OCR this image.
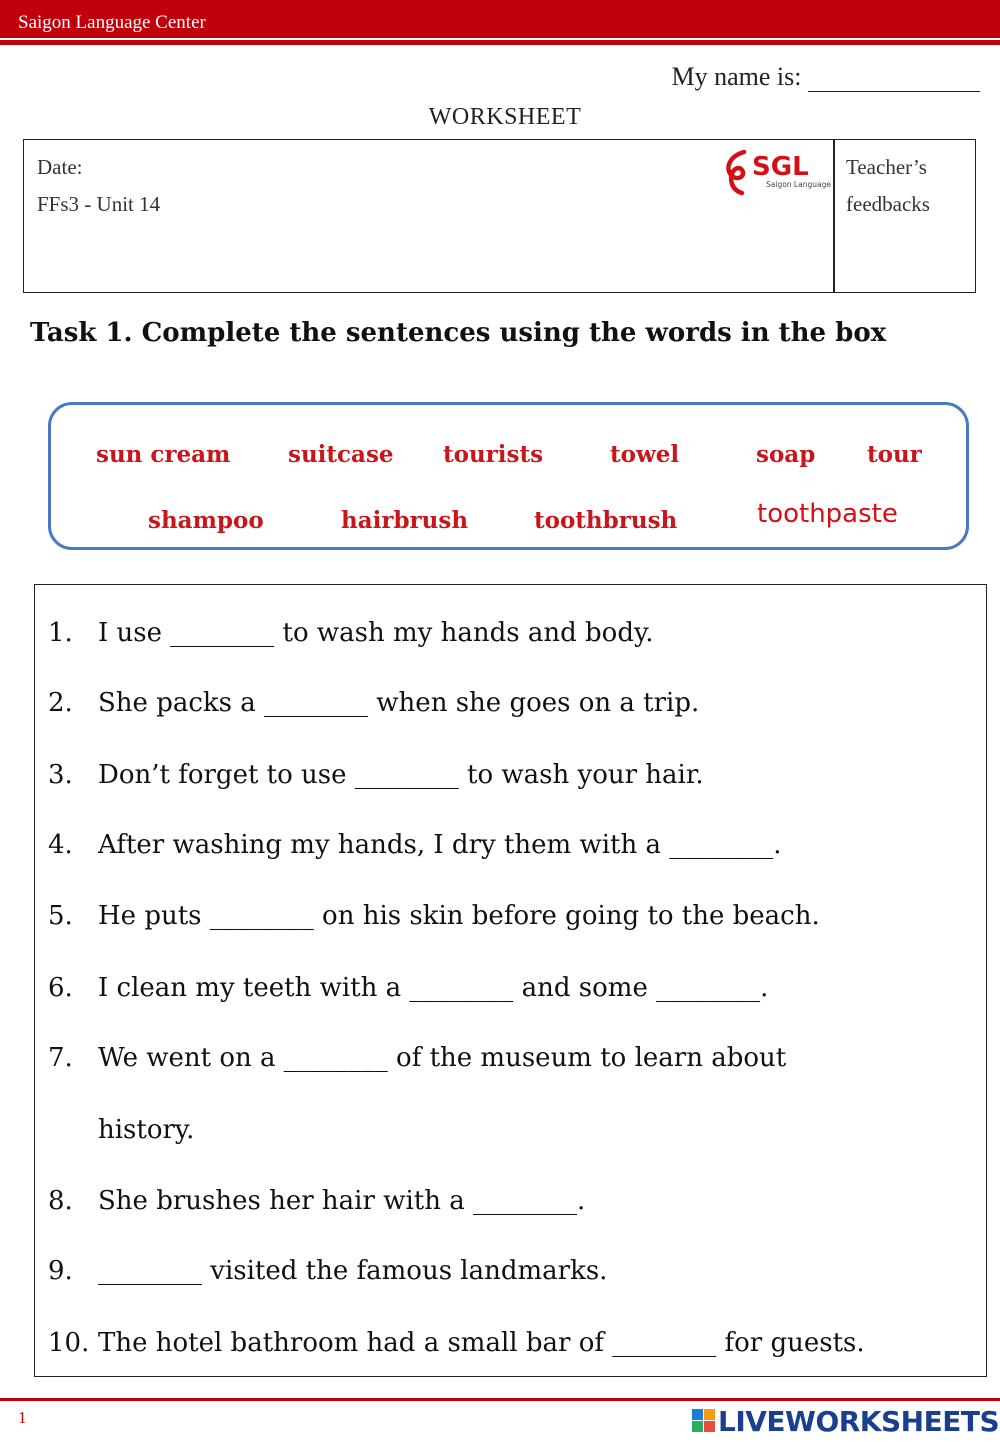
Saigon Language Center
My name is:
WORKSHEET
Date:
FFs3 - Unit 14
SGL
Saigon Language
Teacher’s
feedbacks
Task 1. Complete the sentences using the words in the box
sun cream	suitcase tourists	towel	soap tour
shampoo	hairbrush	toothbrush	toothpaste
1. I use ________ to wash my hands and body.
2. She packs a ________ when she goes on a trip.
3. Don’t forget to use ________ to wash your hair.
4. After washing my hands, I dry them with a ________.
5. He puts ________ on his skin before going to the beach.
6. I clean my teeth with a ________ and some ________.
7. We went on a ________ of the museum to learn about
history.
8. She brushes her hair with a ________.
9. ________ visited the famous landmarks.
10. The hotel bathroom had a small bar of ________ for guests.
1	LIVEWORKSHEETS
